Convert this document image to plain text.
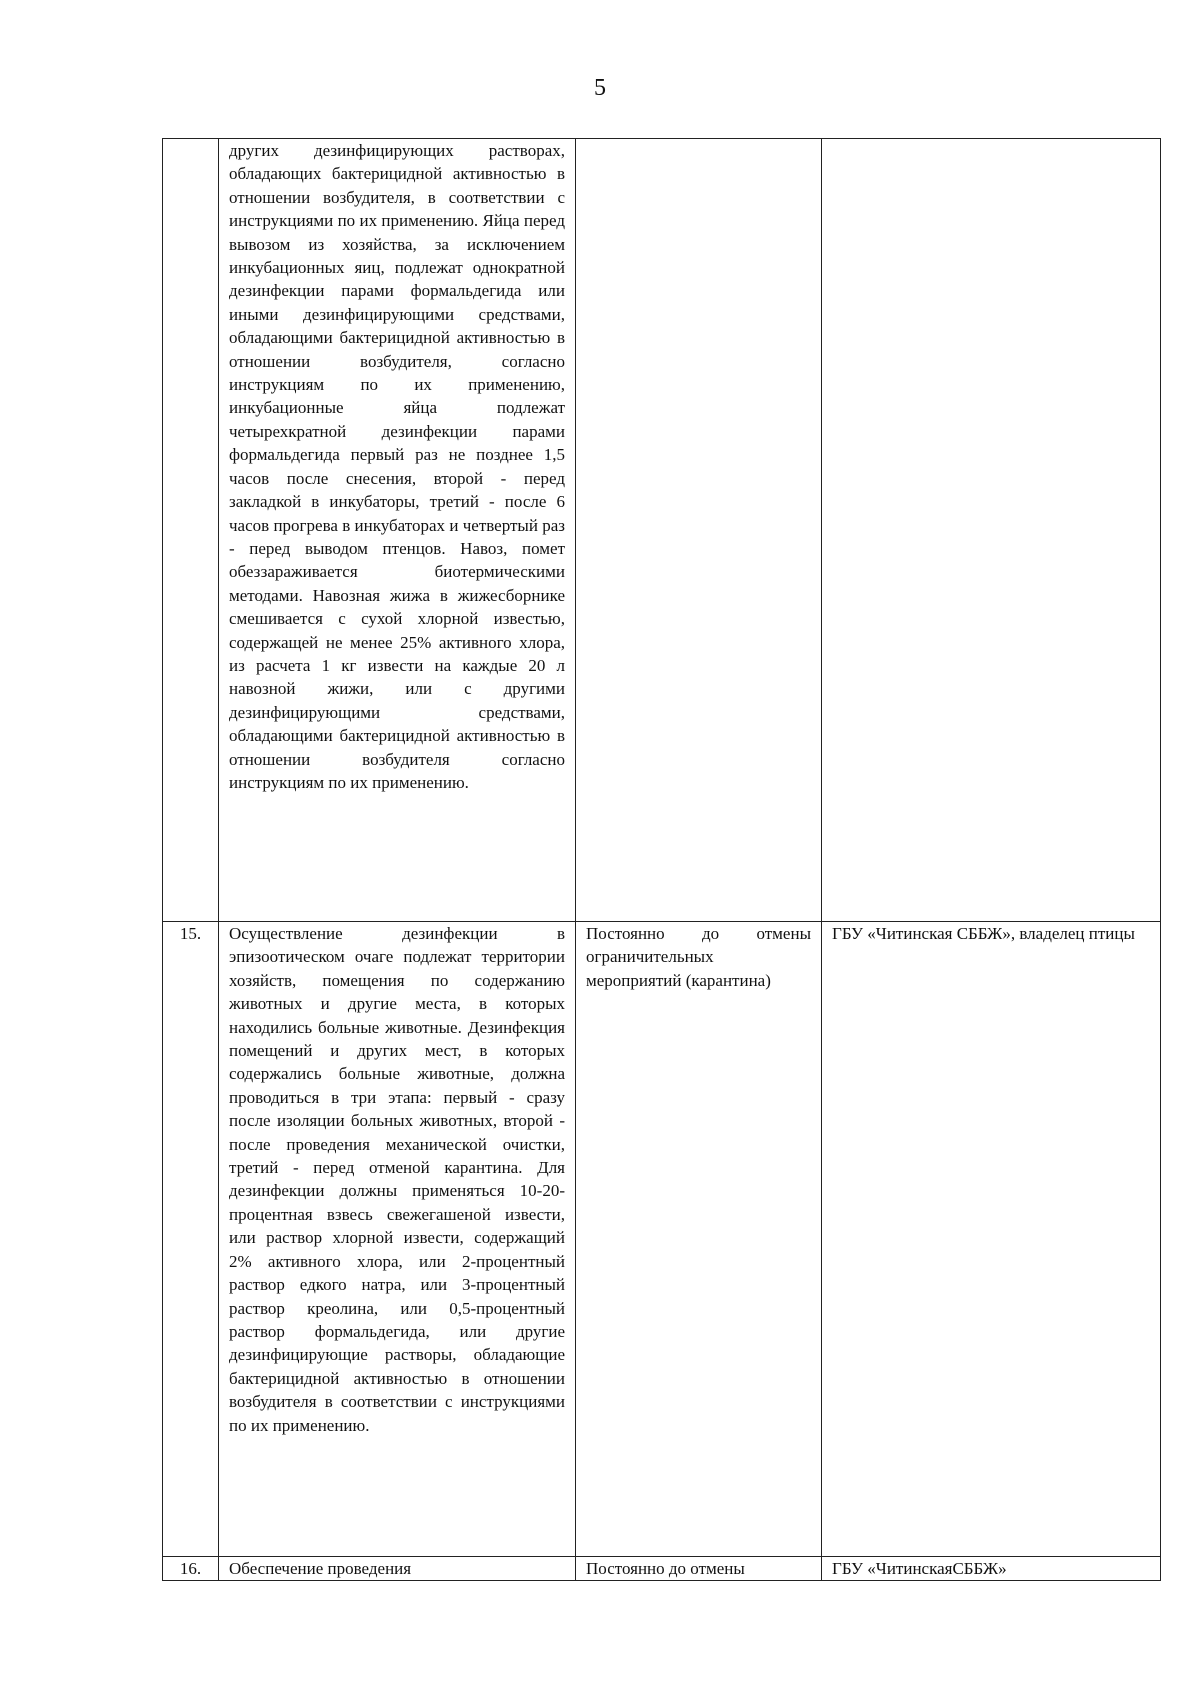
5

	других дезинфицирующих растворах, обладающих бактерицидной активностью в отношении возбудителя, в соответствии с инструкциями по их применению. Яйца перед вывозом из хозяйства, за исключением инкубационных яиц, подлежат однократной дезинфекции парами формальдегида или иными дезинфицирующими средствами, обладающими бактерицидной активностью в отношении возбудителя, согласно инструкциям по их применению, инкубационные яйца подлежат четырехкратной дезинфекции парами формальдегида первый раз не позднее 1,5 часов после снесения, второй - перед закладкой в инкубаторы, третий - после 6 часов прогрева в инкубаторах и четвертый раз - перед выводом птенцов. Навоз, помет обеззараживается биотермическими методами. Навозная жижа в жижесборнике смешивается с сухой хлорной известью, содержащей не менее 25% активного хлора, из расчета 1 кг извести на каждые 20 л навозной жижи, или с другими дезинфицирующими средствами, обладающими бактерицидной активностью в отношении возбудителя согласно инструкциям по их применению.		

15.	Осуществление дезинфекции в эпизоотическом очаге подлежат территории хозяйств, помещения по содержанию животных и другие места, в которых находились больные животные. Дезинфекция помещений и других мест, в которых содержались больные животные, должна проводиться в три этапа: первый - сразу после изоляции больных животных, второй - после проведения механической очистки, третий - перед отменой карантина. Для дезинфекции должны применяться 10-20-процентная взвесь свежегашеной извести, или раствор хлорной извести, содержащий 2% активного хлора, или 2-процентный раствор едкого натра, или 3-процентный раствор креолина, или 0,5-процентный раствор формальдегида, или другие дезинфицирующие растворы, обладающие бактерицидной активностью в отношении возбудителя в соответствии с инструкциями по их применению.	Постоянно до отмены ограничительных мероприятий (карантина)	ГБУ «Читинская СББЖ», владелец птицы
16.	Обеспечение проведения	Постоянно до отмены	ГБУ «ЧитинскаяСББЖ»
